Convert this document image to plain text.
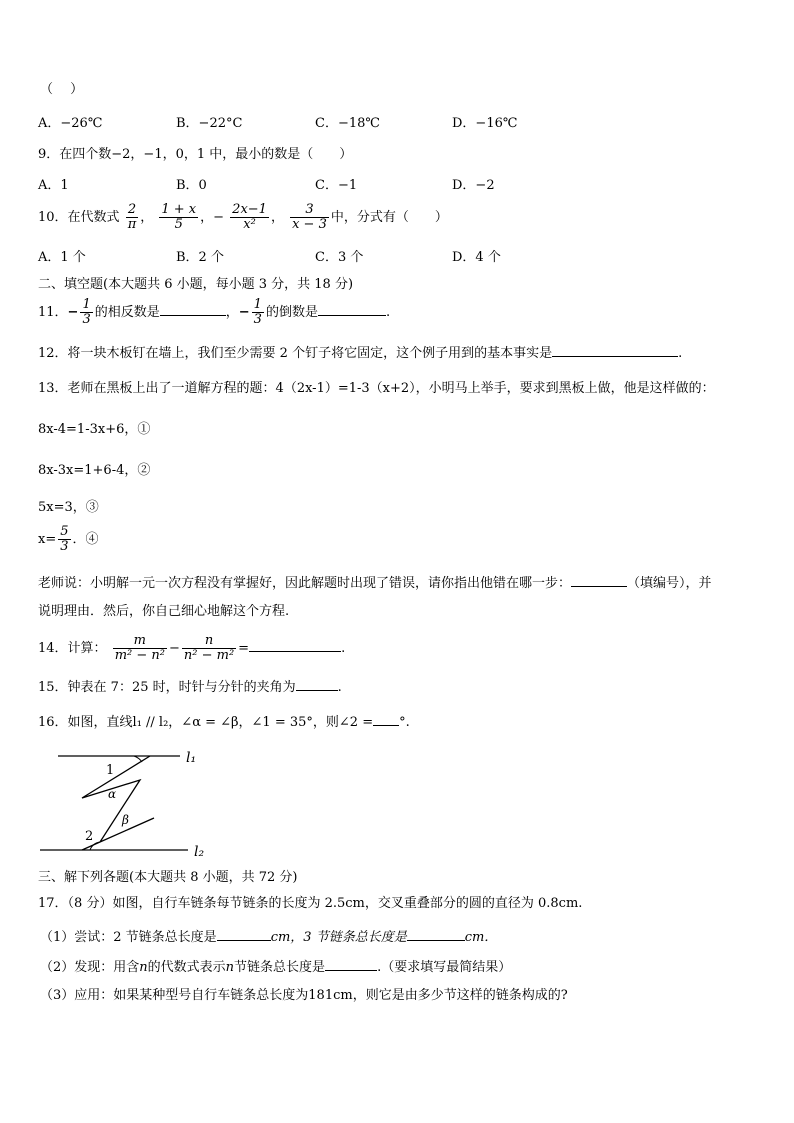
（　 ）
A．−26℃	B．−22°C	C．−18℃	D．−16℃
9．在四个数−2，−1，0，1 中，最小的数是（　　）
A．1	B．0	C．−1	D．−2
10．在代数式 $\frac{2}{\pi}$ ， $\frac{1 + x}{5}$ ，− $\frac{2x-1}{\text{x²}}$ ， $\frac{3}{x - 3}$ 中，分式有（　　）
A．1 个	B．2 个	C．3 个	D．4 个
二、填空题(本大题共 6 小题，每小题 3 分，共 18 分)
11．− $\frac{1}{3}$ 的相反数是	，− $\frac{1}{3}$ 的倒数是	.
12．将一块木板钉在墙上，我们至少需要 2 个钉子将它固定，这个例子用到的基本事实是	.
13．老师在黑板上出了一道解方程的题：4（2x-1）=1-3（x+2），小明马上举手，要求到黑板上做，他是这样做的：
8x-4=1-3x+6，①
8x-3x=1+6-4，②
5x=3，③
$x= \frac{5}{3}$ ．④
老师说：小明解一元一次方程没有掌握好，因此解题时出现了错误，请你指出他错在哪一步：	（填编号），并
说明理由．然后，你自己细心地解这个方程.
14．计算： $\frac{m}{\text{m² − n²}} - \frac{n}{\text{n² − m²}}$ =	.
15．钟表在 7：25 时，时针与分针的夹角为	.
16．如图，直线l₁ // l₂，∠α = ∠β，∠1 = 35°，则∠2 = °.
l₁
l₂
1
α
β
2
三、解下列各题(本大题共 8 小题，共 72 分)
17．（8 分）如图，自行车链条每节链条的长度为 2.5cm，交叉重叠部分的圆的直径为 0.8cm.
（1）尝试：2 节链条总长度是	cm，3 节链条总长度是	cm．
（2）发现：用含n的代数式表示n节链条总长度是	.（要求填写最简结果）
（3）应用：如果某种型号自行车链条总长度为181cm，则它是由多少节这样的链条构成的?
